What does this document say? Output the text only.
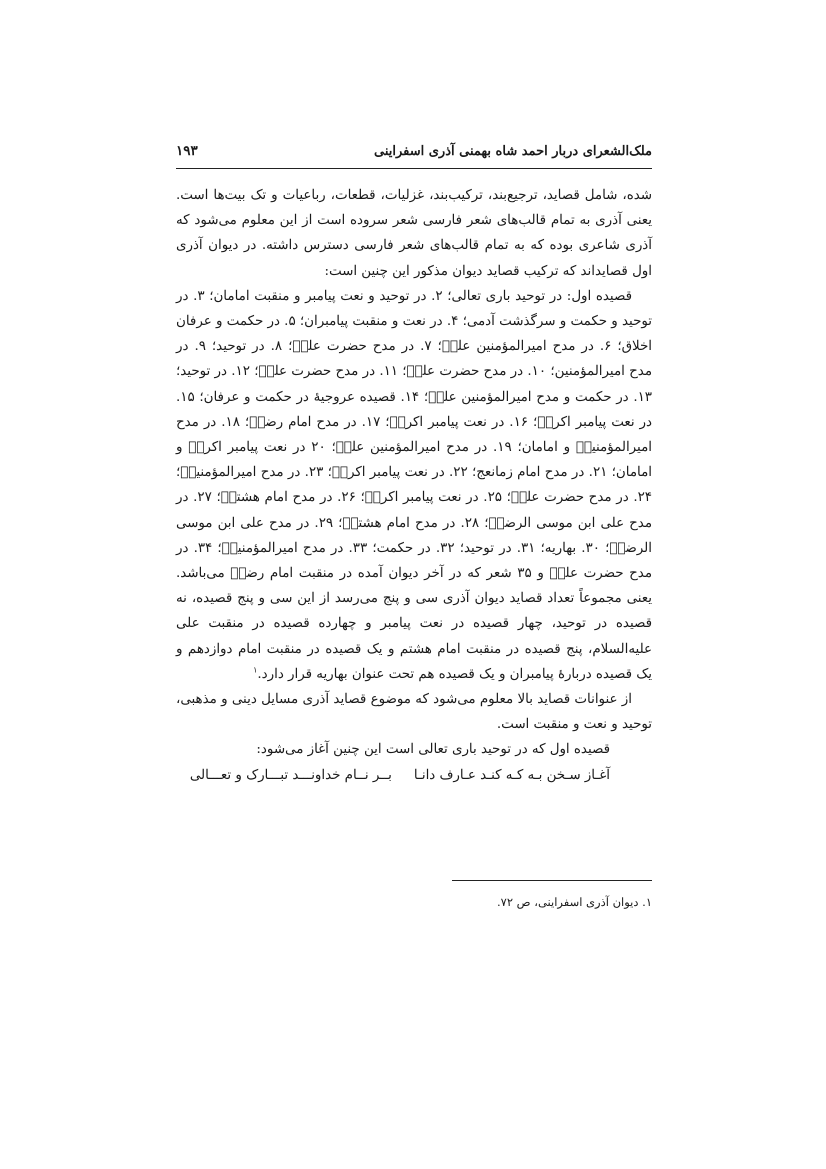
ملک‌الشعرای دربار احمد شاه بهمنی آذری اسفراینی
۱۹۳

شده، شامل قصاید، ترجیع‌بند، ترکیب‌بند، غزلیات، قطعات، رباعیات و تک بیت‌ها است. یعنی آذری به تمام قالب‌های شعر فارسی شعر سروده است از این معلوم می‌شود که آذری شاعری بوده که به تمام قالب‌های شعر فارسی دسترس داشته. در دیوان آذری اول قصایداند که ترکیب قصاید دیوان مذکور این چنین است:

قصیده اول: در توحید باری تعالی؛ ۲. در توحید و نعت پیامبر و منقبت امامان؛ ۳. در توحید و حکمت و سرگذشت آدمی؛ ۴. در نعت و منقبت پیامبران؛ ۵. در حکمت و عرفان اخلاق؛ ۶. در مدح امیرالمؤمنین علیؑ؛ ۷. در مدح حضرت علیؑ؛ ۸. در توحید؛ ۹. در مدح امیرالمؤمنین؛ ۱۰. در مدح حضرت علیؑ؛ ۱۱. در مدح حضرت علیؑ؛ ۱۲. در توحید؛ ۱۳. در حکمت و مدح امیرالمؤمنین علیؑ؛ ۱۴. قصیده عروجیهٔ در حکمت و عرفان؛ ۱۵. در نعت پیامبر اکرمؐ؛ ۱۶. در نعت پیامبر اکرمؐ؛ ۱۷. در مدح امام رضاؑ؛ ۱۸. در مدح امیرالمؤمنینؑ و امامان؛ ۱۹. در مدح امیرالمؤمنین علیؑ؛ ۲۰ در نعت پیامبر اکرمؐ و امامان؛ ۲۱. در مدح امام زمانعج؛ ۲۲. در نعت پیامبر اکرمؐ؛ ۲۳. در مدح امیرالمؤمنینؑ؛ ۲۴. در مدح حضرت علیؑ؛ ۲۵. در نعت پیامبر اکرمؐ؛ ۲۶. در مدح امام هشتمؑ؛ ۲۷. در مدح علی ابن موسی الرضاؑ؛ ۲۸. در مدح امام هشتمؑ؛ ۲۹. در مدح علی ابن موسی الرضاؑ؛ ۳۰. بهاریه؛ ۳۱. در توحید؛ ۳۲. در حکمت؛ ۳۳. در مدح امیرالمؤمنینؑ؛ ۳۴. در مدح حضرت علیؑ و ۳۵ شعر که در آخر دیوان آمده در منقبت امام رضاؑ می‌باشد. یعنی مجموعاً تعداد قصاید دیوان آذری سی و پنج می‌رسد از این سی و پنج قصیده، نه قصیده در توحید، چهار قصیده در نعت پیامبر و چهارده قصیده در منقبت علی علیه‌السلام، پنج قصیده در منقبت امام هشتم و یک قصیده در منقبت امام دوازدهم و یک قصیده دربارهٔ پیامبران و یک قصیده هم تحت عنوان بهاریه قرار دارد.$^۱$

از عنوانات قصاید بالا معلوم می‌شود که موضوع قصاید آذری مسایل دینی و مذهبی، توحید و نعت و منقبت است.

قصیده اول که در توحید باری تعالی است این چنین آغاز می‌شود:

آغـاز سـخن بـه کـه کنـد عـارف دانـا
بــر نــام خداونـــد تبـــارک و تعـــالی
۱. دیوان آذری اسفراینی، ص ۷۲.
